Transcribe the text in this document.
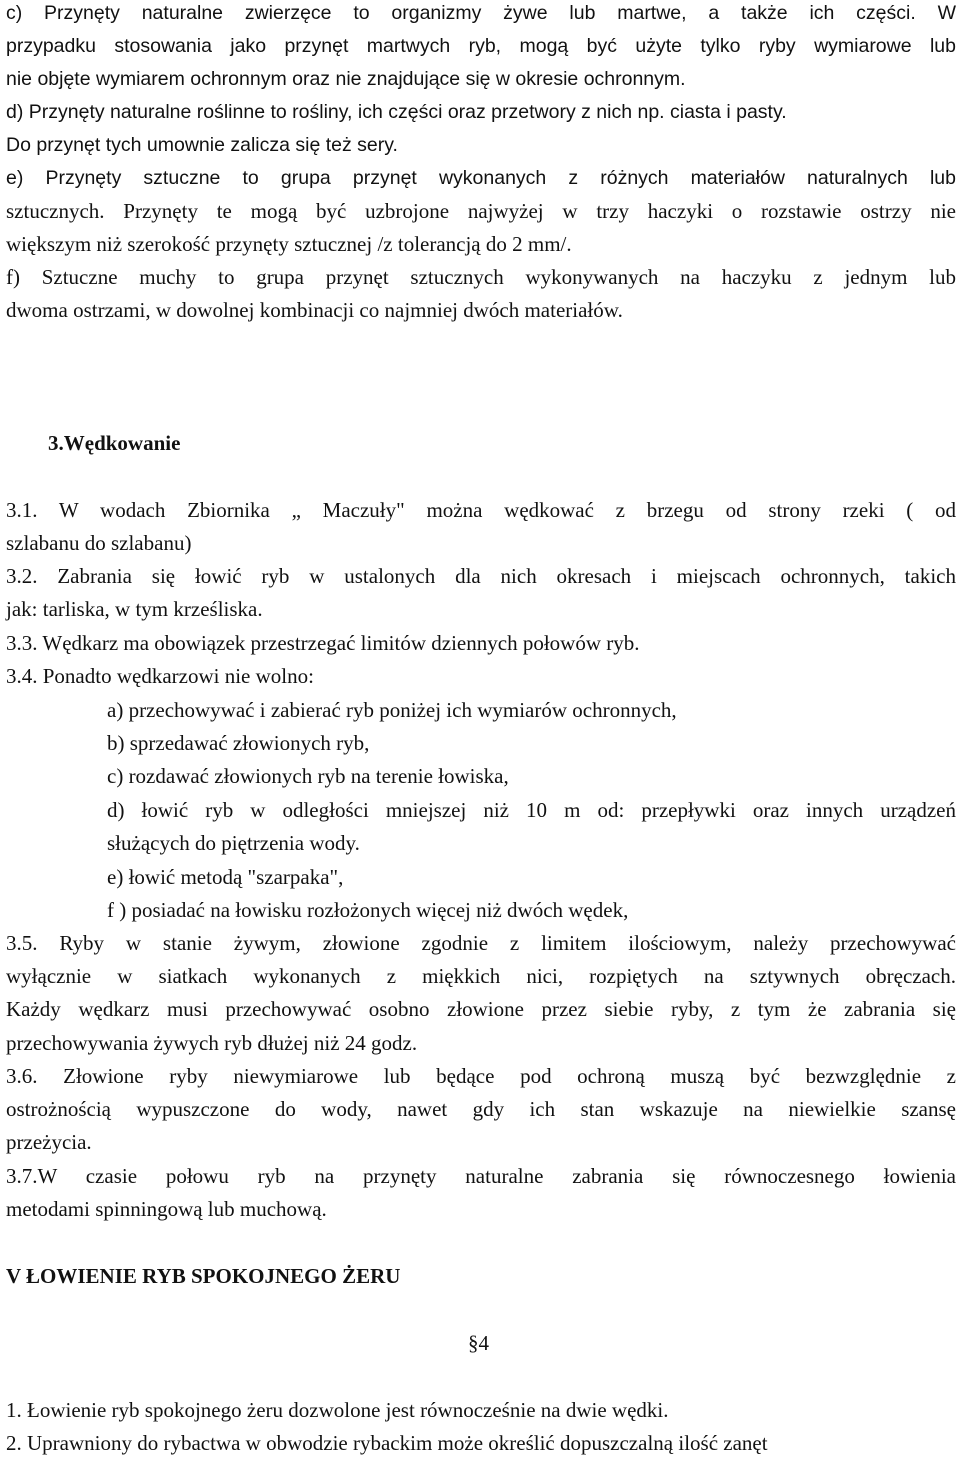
c) Przynęty naturalne zwierzęce to organizmy żywe lub martwe, a także ich części. W
przypadku stosowania jako przynęt martwych ryb, mogą być użyte tylko ryby wymiarowe lub
nie objęte wymiarem ochronnym oraz nie znajdujące się w okresie ochronnym.
d) Przynęty naturalne roślinne to rośliny, ich części oraz przetwory z nich np. ciasta i pasty.
Do przynęt tych umownie zalicza się też sery.
e) Przynęty sztuczne to grupa przynęt wykonanych z różnych materiałów naturalnych lub
sztucznych. Przynęty te mogą być uzbrojone najwyżej w trzy haczyki o rozstawie ostrzy nie
większym niż szerokość przynęty sztucznej /z tolerancją do 2 mm/.
f) Sztuczne muchy to grupa przynęt sztucznych wykonywanych na haczyku z jednym lub
dwoma ostrzami, w dowolnej kombinacji co najmniej dwóch materiałów.
3.Wędkowanie
3.1. W wodach Zbiornika „ Maczuły" można wędkować z brzegu od strony rzeki ( od
szlabanu do szlabanu)
3.2. Zabrania się łowić ryb w ustalonych dla nich okresach i miejscach ochronnych, takich
jak: tarliska, w tym krześliska.
3.3. Wędkarz ma obowiązek przestrzegać limitów dziennych połowów ryb.
3.4. Ponadto wędkarzowi nie wolno:
a) przechowywać i zabierać ryb poniżej ich wymiarów ochronnych,
b) sprzedawać złowionych ryb,
c) rozdawać złowionych ryb na terenie łowiska,
d) łowić ryb w odległości mniejszej niż 10 m od: przepływki oraz innych urządzeń
służących do piętrzenia wody.
e) łowić metodą "szarpaka",
f ) posiadać na łowisku rozłożonych więcej niż dwóch wędek,
3.5. Ryby w stanie żywym, złowione zgodnie z limitem ilościowym, należy przechowywać
wyłącznie w siatkach wykonanych z miękkich nici, rozpiętych na sztywnych obręczach.
Każdy wędkarz musi przechowywać osobno złowione przez siebie ryby, z tym że zabrania się
przechowywania żywych ryb dłużej niż 24 godz.
3.6. Złowione ryby niewymiarowe lub będące pod ochroną muszą być bezwzględnie z
ostrożnością wypuszczone do wody, nawet gdy ich stan wskazuje na niewielkie szansę
przeżycia.
3.7.W czasie połowu ryb na przynęty naturalne zabrania się równoczesnego łowienia
metodami spinningową lub muchową.
V ŁOWIENIE RYB SPOKOJNEGO ŻERU
§4
1. Łowienie ryb spokojnego żeru dozwolone jest równocześnie na dwie wędki.
2. Uprawniony do rybactwa w obwodzie rybackim może określić dopuszczalną ilość zanęt
